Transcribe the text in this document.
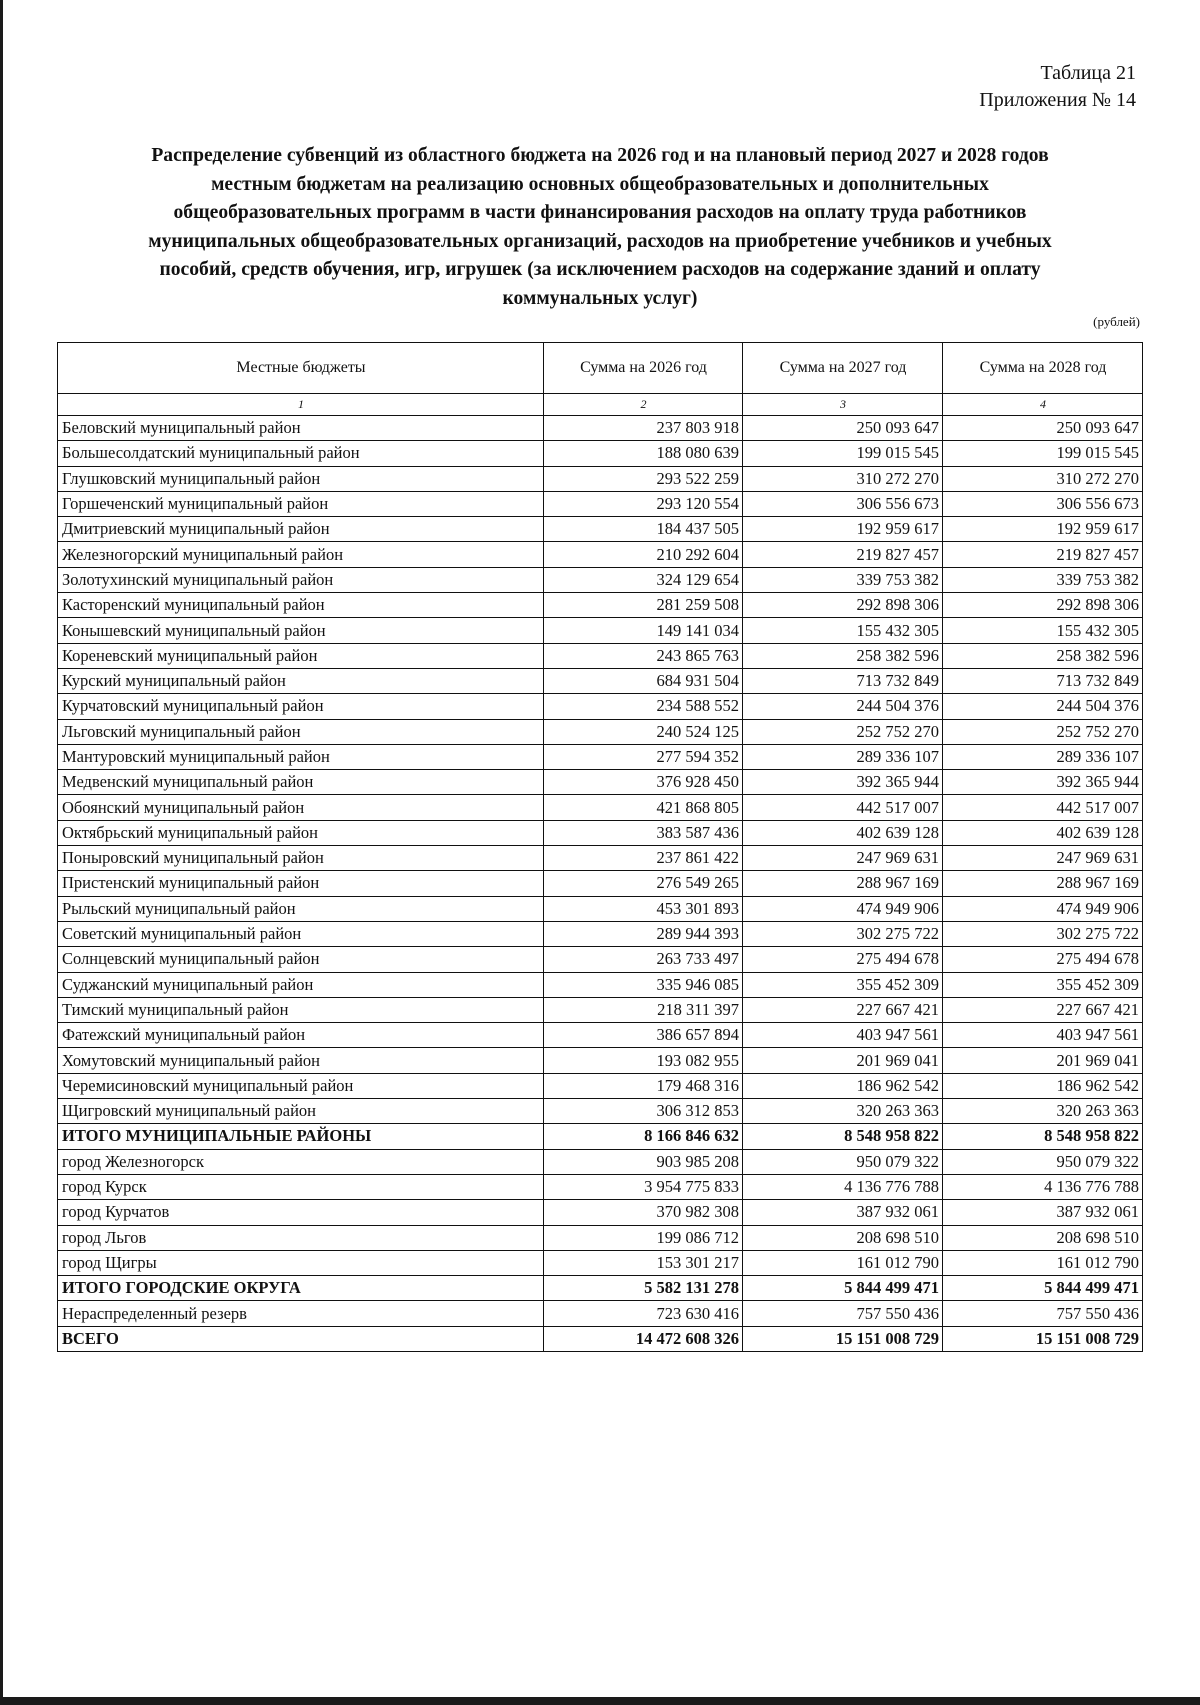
Таблица 21
Приложения № 14
Распределение субвенций из областного бюджета на 2026 год и на плановый период 2027 и 2028 годов
местным бюджетам на реализацию основных общеобразовательных и дополнительных
общеобразовательных программ в части финансирования расходов на оплату труда работников
муниципальных общеобразовательных организаций, расходов на приобретение учебников и учебных
пособий, средств обучения, игр, игрушек (за исключением расходов на содержание зданий и оплату
коммунальных услуг)
(рублей)
Местные бюджеты	Сумма на 2026 год	Сумма на 2027 год	Сумма на 2028 год
1	2	3	4
Беловский муниципальный район	237 803 918	250 093 647	250 093 647
Большесолдатский муниципальный район	188 080 639	199 015 545	199 015 545
Глушковский муниципальный район	293 522 259	310 272 270	310 272 270
Горшеченский муниципальный район	293 120 554	306 556 673	306 556 673
Дмитриевский муниципальный район	184 437 505	192 959 617	192 959 617
Железногорский муниципальный район	210 292 604	219 827 457	219 827 457
Золотухинский муниципальный район	324 129 654	339 753 382	339 753 382
Касторенский муниципальный район	281 259 508	292 898 306	292 898 306
Конышевский муниципальный район	149 141 034	155 432 305	155 432 305
Кореневский муниципальный район	243 865 763	258 382 596	258 382 596
Курский муниципальный район	684 931 504	713 732 849	713 732 849
Курчатовский муниципальный район	234 588 552	244 504 376	244 504 376
Льговский муниципальный район	240 524 125	252 752 270	252 752 270
Мантуровский муниципальный район	277 594 352	289 336 107	289 336 107
Медвенский муниципальный район	376 928 450	392 365 944	392 365 944
Обоянский муниципальный район	421 868 805	442 517 007	442 517 007
Октябрьский муниципальный район	383 587 436	402 639 128	402 639 128
Поныровский муниципальный район	237 861 422	247 969 631	247 969 631
Пристенский муниципальный район	276 549 265	288 967 169	288 967 169
Рыльский муниципальный район	453 301 893	474 949 906	474 949 906
Советский муниципальный район	289 944 393	302 275 722	302 275 722
Солнцевский муниципальный район	263 733 497	275 494 678	275 494 678
Суджанский муниципальный район	335 946 085	355 452 309	355 452 309
Тимский муниципальный район	218 311 397	227 667 421	227 667 421
Фатежский муниципальный район	386 657 894	403 947 561	403 947 561
Хомутовский муниципальный район	193 082 955	201 969 041	201 969 041
Черемисиновский муниципальный район	179 468 316	186 962 542	186 962 542
Щигровский муниципальный район	306 312 853	320 263 363	320 263 363
ИТОГО МУНИЦИПАЛЬНЫЕ РАЙОНЫ	8 166 846 632	8 548 958 822	8 548 958 822
город Железногорск	903 985 208	950 079 322	950 079 322
город Курск	3 954 775 833	4 136 776 788	4 136 776 788
город Курчатов	370 982 308	387 932 061	387 932 061
город Льгов	199 086 712	208 698 510	208 698 510
город Щигры	153 301 217	161 012 790	161 012 790
ИТОГО ГОРОДСКИЕ ОКРУГА	5 582 131 278	5 844 499 471	5 844 499 471
Нераспределенный резерв	723 630 416	757 550 436	757 550 436
ВСЕГО	14 472 608 326	15 151 008 729	15 151 008 729
